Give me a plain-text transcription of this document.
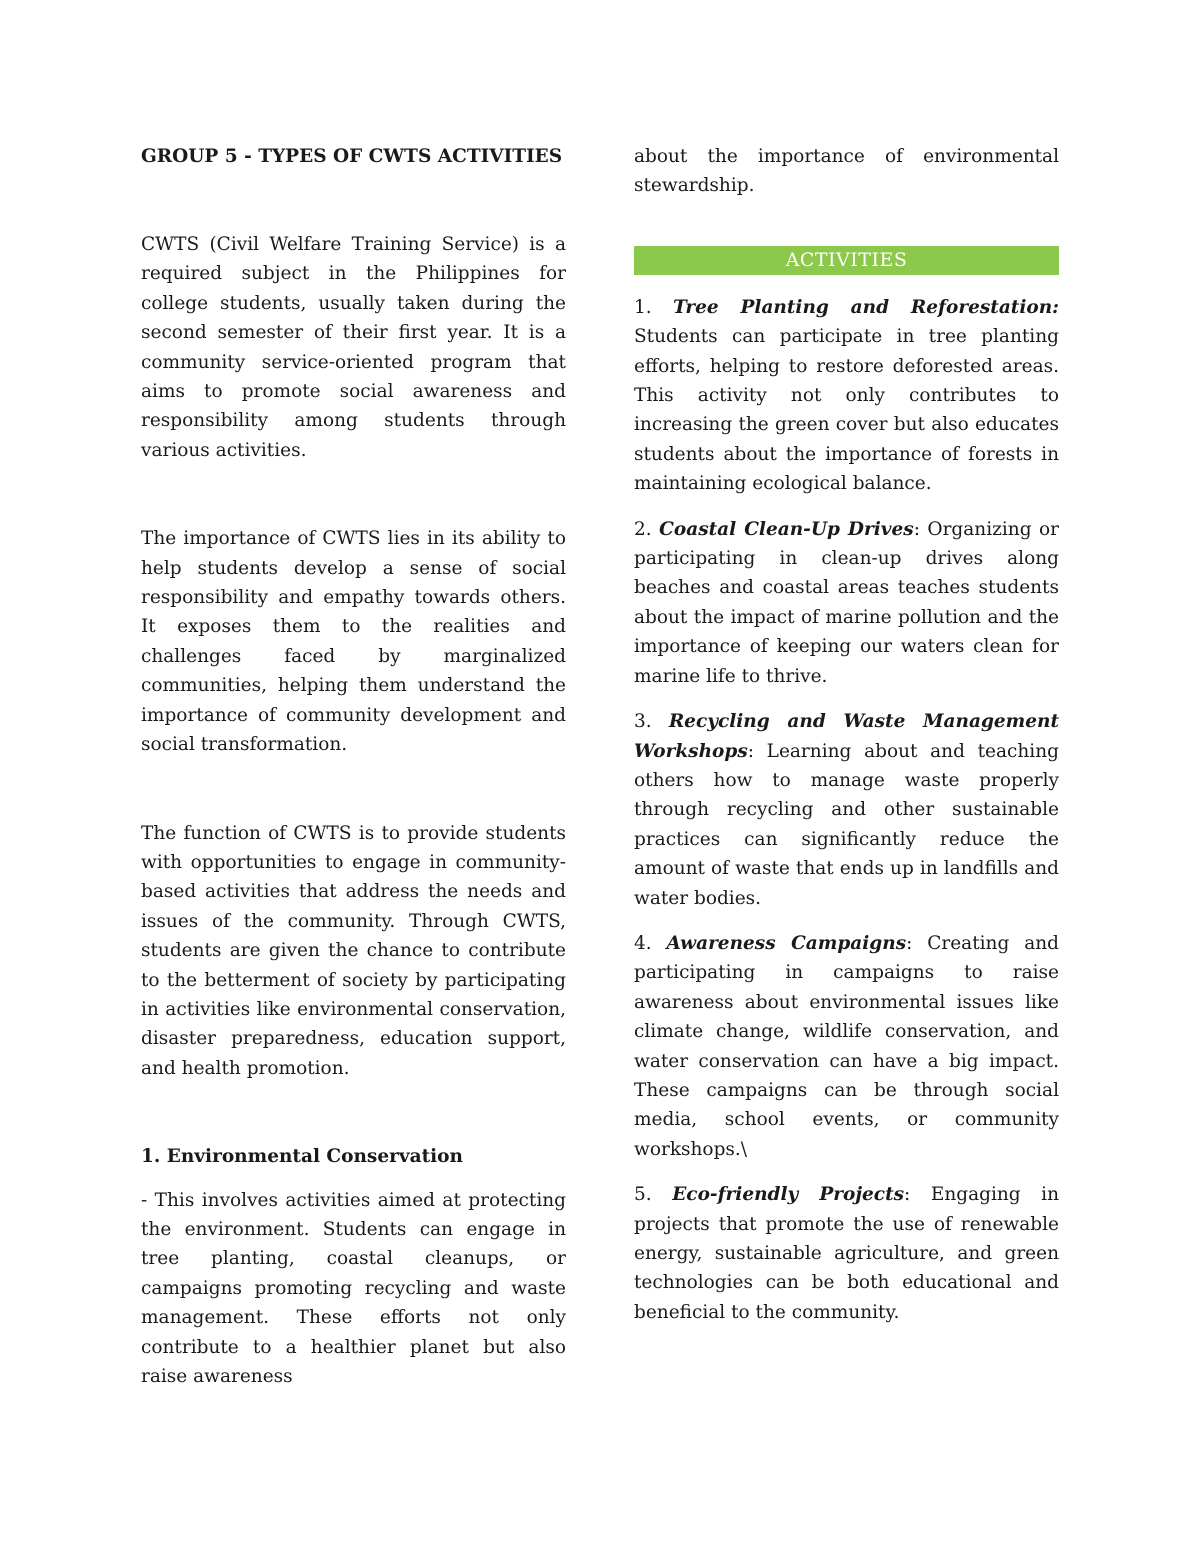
GROUP 5 - TYPES OF CWTS ACTIVITIES

CWTS (Civil Welfare Training Service) is a required subject in the Philippines for college students, usually taken during the second semester of their first year. It is a community service-oriented program that aims to promote social awareness and responsibility among students through various activities.

The importance of CWTS lies in its ability to help students develop a sense of social responsibility and empathy towards others. It exposes them to the realities and challenges faced by marginalized communities, helping them understand the importance of community development and social transformation.

The function of CWTS is to provide students with opportunities to engage in community-based activities that address the needs and issues of the community. Through CWTS, students are given the chance to contribute to the betterment of society by participating in activities like environmental conservation, disaster preparedness, education support, and health promotion.

1. Environmental Conservation

- This involves activities aimed at protecting the environment. Students can engage in tree planting, coastal cleanups, or campaigns promoting recycling and waste management. These efforts not only contribute to a healthier planet but also raise awareness

about the importance of environmental stewardship.

ACTIVITIES

1. Tree Planting and Reforestation: Students can participate in tree planting efforts, helping to restore deforested areas. This activity not only contributes to increasing the green cover but also educates students about the importance of forests in maintaining ecological balance.

2. Coastal Clean-Up Drives: Organizing or participating in clean-up drives along beaches and coastal areas teaches students about the impact of marine pollution and the importance of keeping our waters clean for marine life to thrive.

3. Recycling and Waste Management Workshops: Learning about and teaching others how to manage waste properly through recycling and other sustainable practices can significantly reduce the amount of waste that ends up in landfills and water bodies.

4. Awareness Campaigns: Creating and participating in campaigns to raise awareness about environmental issues like climate change, wildlife conservation, and water conservation can have a big impact. These campaigns can be through social media, school events, or community workshops.\

5. Eco-friendly Projects: Engaging in projects that promote the use of renewable energy, sustainable agriculture, and green technologies can be both educational and beneficial to the community.
